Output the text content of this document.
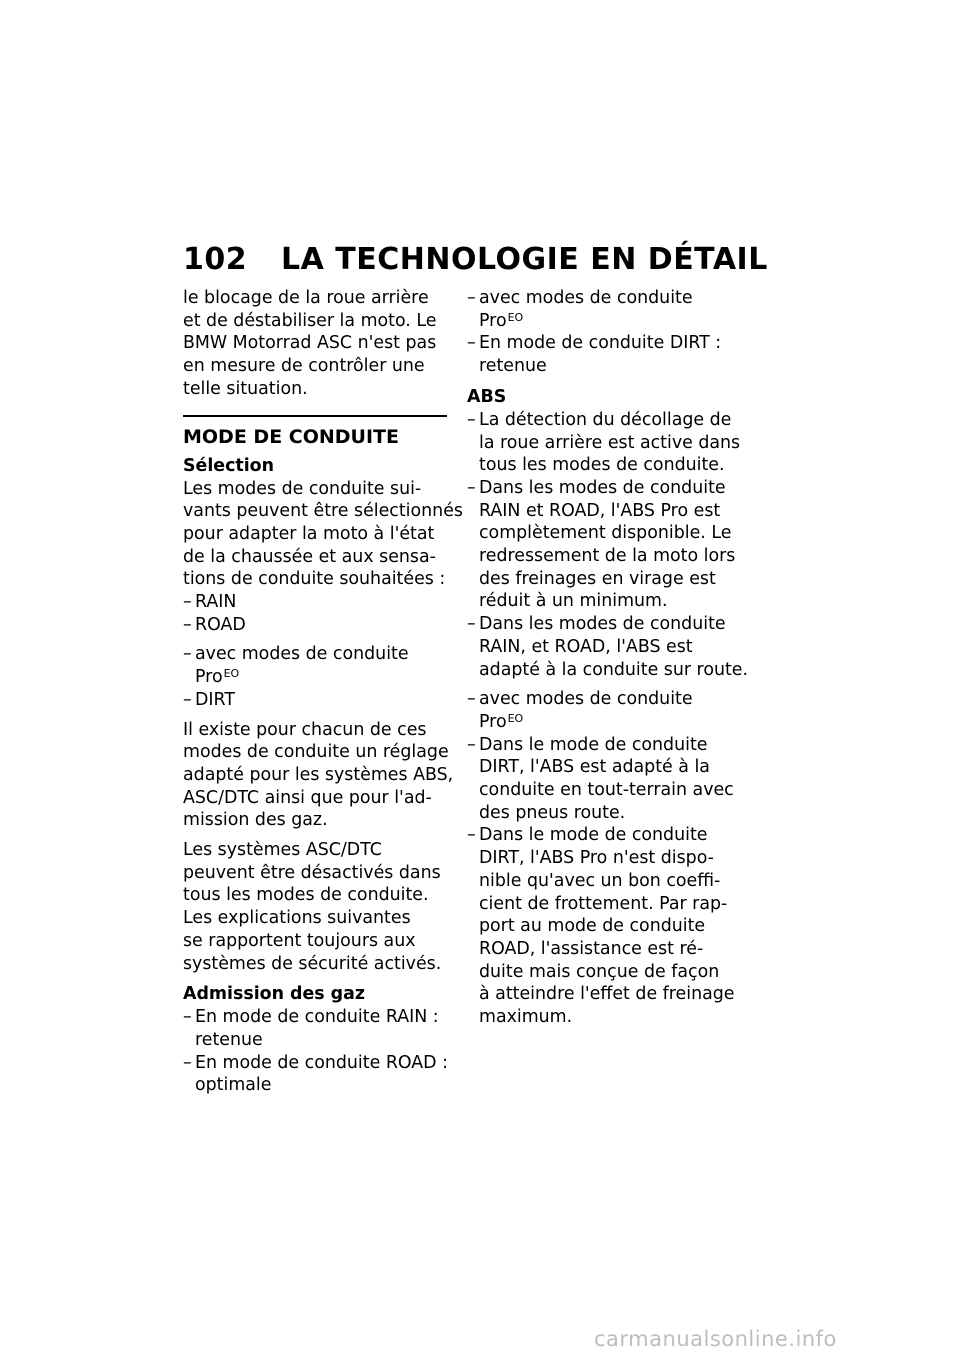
102 LA TECHNOLOGIE EN DÉTAIL
le blocage de la roue arrière
et de déstabiliser la moto. Le
BMW Motorrad ASC n'est pas
en mesure de contrôler une
telle situation.
MODE DE CONDUITE
Sélection
Les modes de conduite sui-
vants peuvent être sélectionnés
pour adapter la moto à l'état
de la chaussée et aux sensa-
tions de conduite souhaitées :
– RAIN
– ROAD
– avec modes de conduite
Pro$^{EO}$
– DIRT
Il existe pour chacun de ces
modes de conduite un réglage
adapté pour les systèmes ABS,
ASC/DTC ainsi que pour l'ad-
mission des gaz.
Les systèmes ASC/DTC
peuvent être désactivés dans
tous les modes de conduite.
Les explications suivantes
se rapportent toujours aux
systèmes de sécurité activés.
Admission des gaz
– En mode de conduite RAIN :
retenue
– En mode de conduite ROAD :
optimale
– avec modes de conduite
Pro$^{EO}$
– En mode de conduite DIRT :
retenue
ABS
– La détection du décollage de
la roue arrière est active dans
tous les modes de conduite.
– Dans les modes de conduite
RAIN et ROAD, l'ABS Pro est
complètement disponible. Le
redressement de la moto lors
des freinages en virage est
réduit à un minimum.
– Dans les modes de conduite
RAIN, et ROAD, l'ABS est
adapté à la conduite sur route.
– avec modes de conduite
Pro$^{EO}$
– Dans le mode de conduite
DIRT, l'ABS est adapté à la
conduite en tout-terrain avec
des pneus route.
– Dans le mode de conduite
DIRT, l'ABS Pro n'est dispo-
nible qu'avec un bon coeffi-
cient de frottement. Par rap-
port au mode de conduite
ROAD, l'assistance est ré-
duite mais conçue de façon
à atteindre l'effet de freinage
maximum.
carmanualsonline.info
